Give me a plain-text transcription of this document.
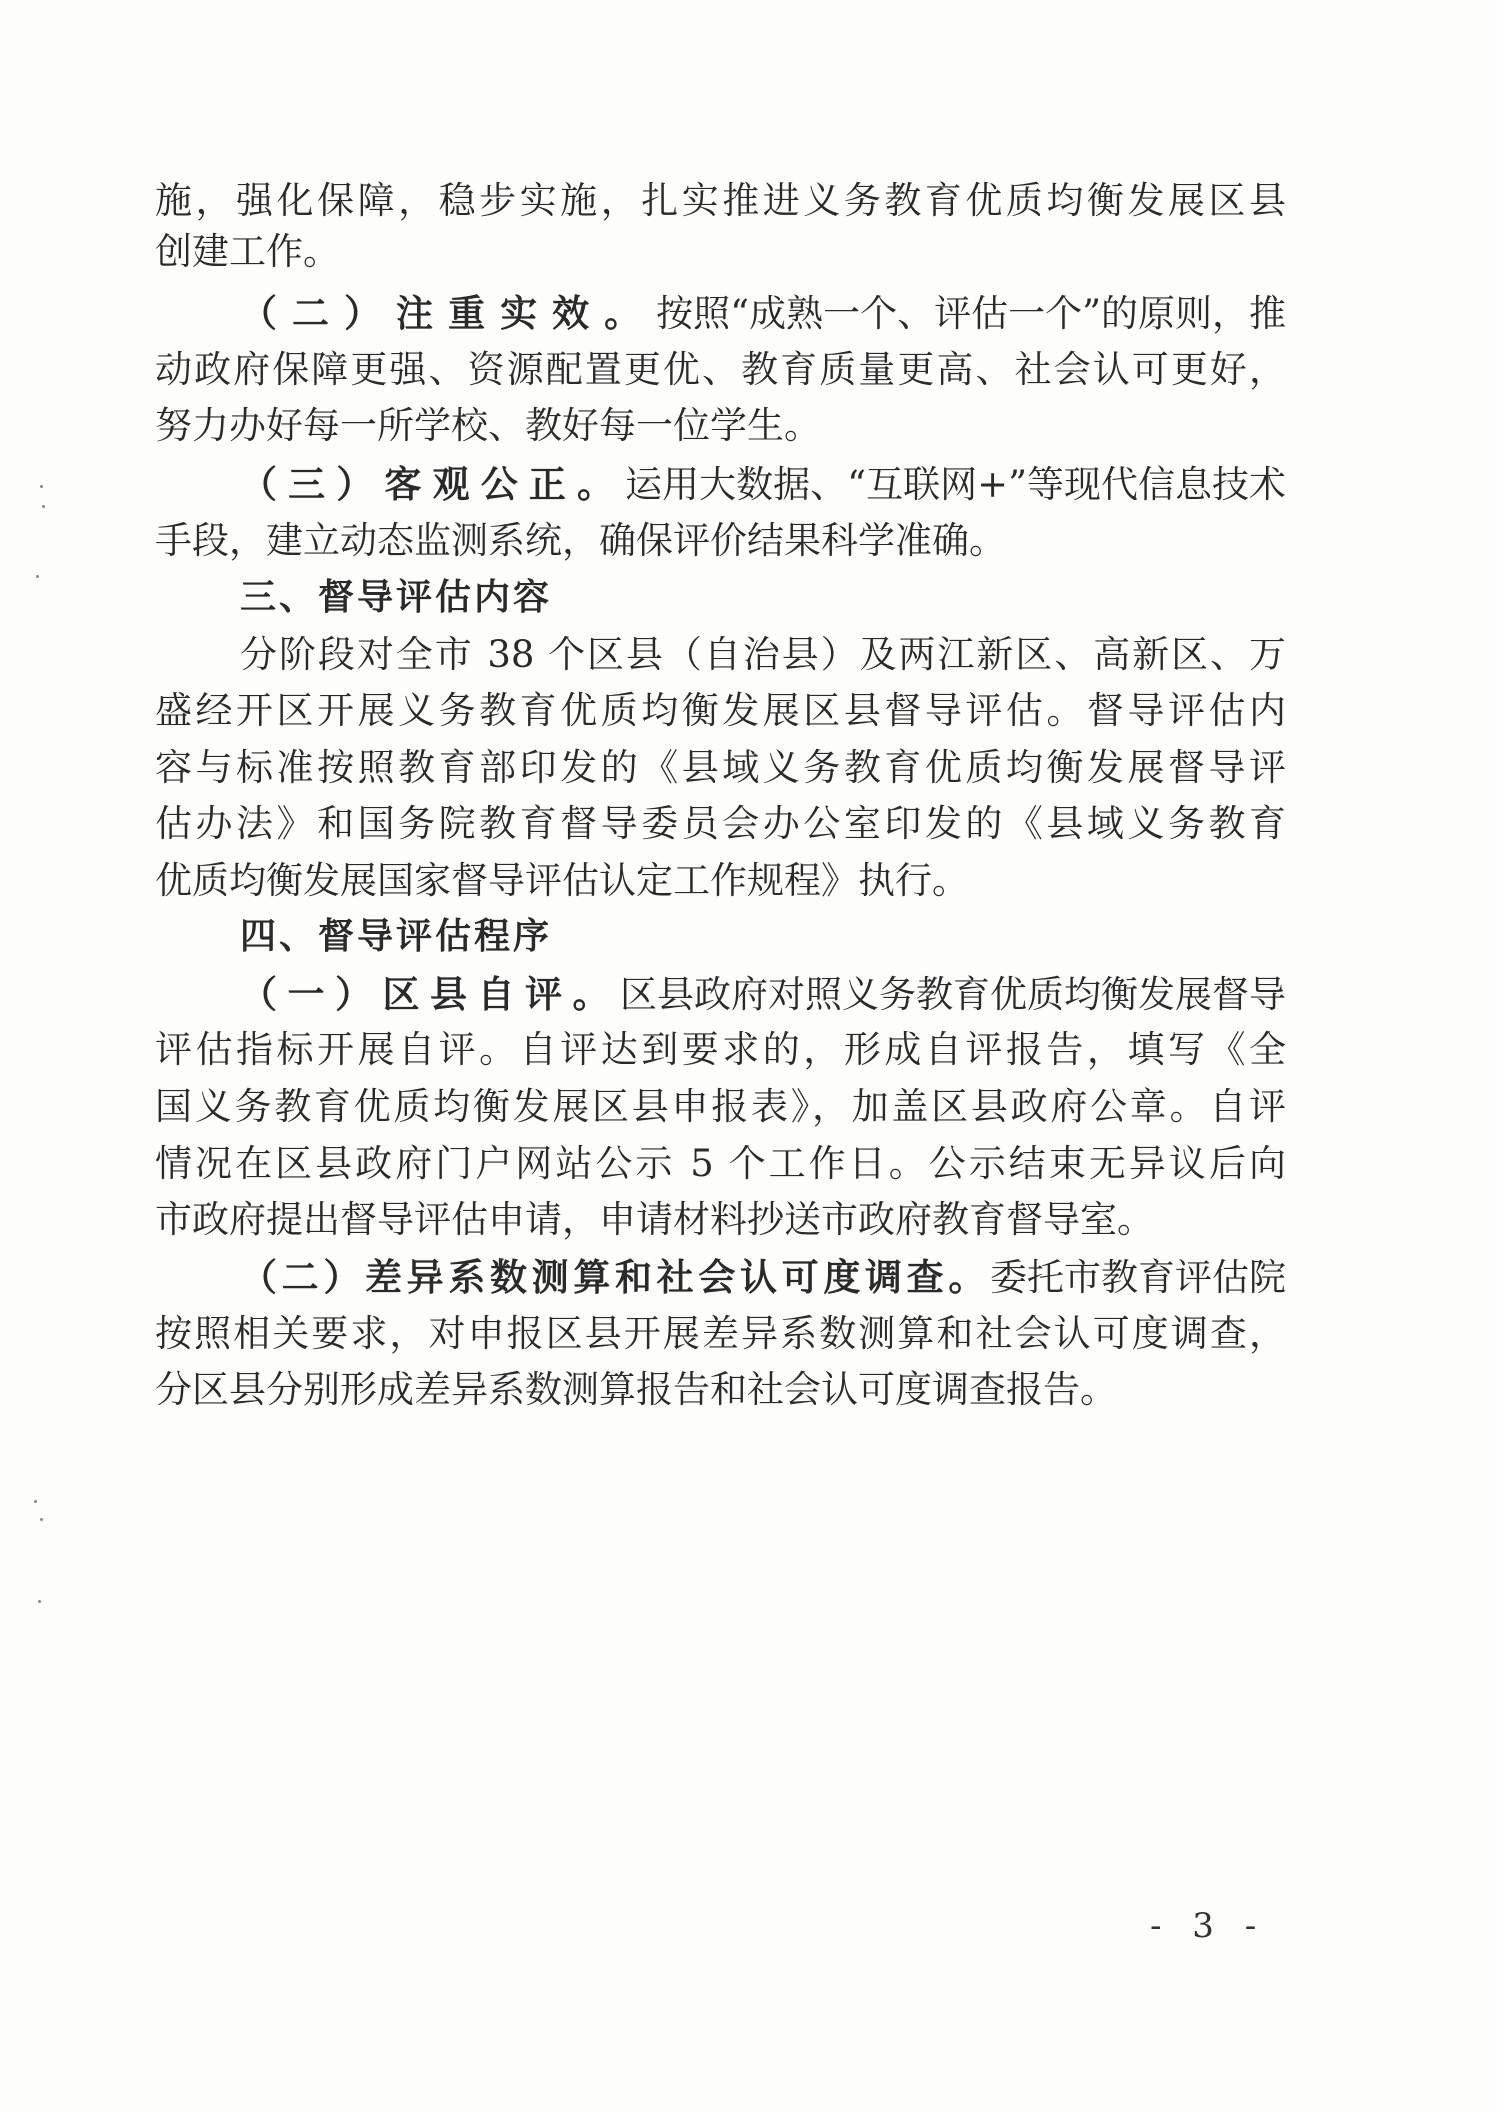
施，强化保障，稳步实施，扎实推进义务教育优质均衡发展区县
创建工作。
（二）注重实效。按照“成熟一个、评估一个”的原则，推
动政府保障更强、资源配置更优、教育质量更高、社会认可更好，
努力办好每一所学校、教好每一位学生。
（三）客观公正。运用大数据、“互联网+”等现代信息技术
手段，建立动态监测系统，确保评价结果科学准确。
三、督导评估内容
分阶段对全市 38 个区县（自治县）及两江新区、高新区、万
盛经开区开展义务教育优质均衡发展区县督导评估。督导评估内
容与标准按照教育部印发的《县域义务教育优质均衡发展督导评
估办法》和国务院教育督导委员会办公室印发的《县域义务教育
优质均衡发展国家督导评估认定工作规程》执行。
四、督导评估程序
（一）区县自评。区县政府对照义务教育优质均衡发展督导
评估指标开展自评。自评达到要求的，形成自评报告，填写《全
国义务教育优质均衡发展区县申报表》，加盖区县政府公章。自评
情况在区县政府门户网站公示 5 个工作日。公示结束无异议后向
市政府提出督导评估申请，申请材料抄送市政府教育督导室。
（二）差异系数测算和社会认可度调查。委托市教育评估院
按照相关要求，对申报区县开展差异系数测算和社会认可度调查，
分区县分别形成差异系数测算报告和社会认可度调查报告。
- 3 -
